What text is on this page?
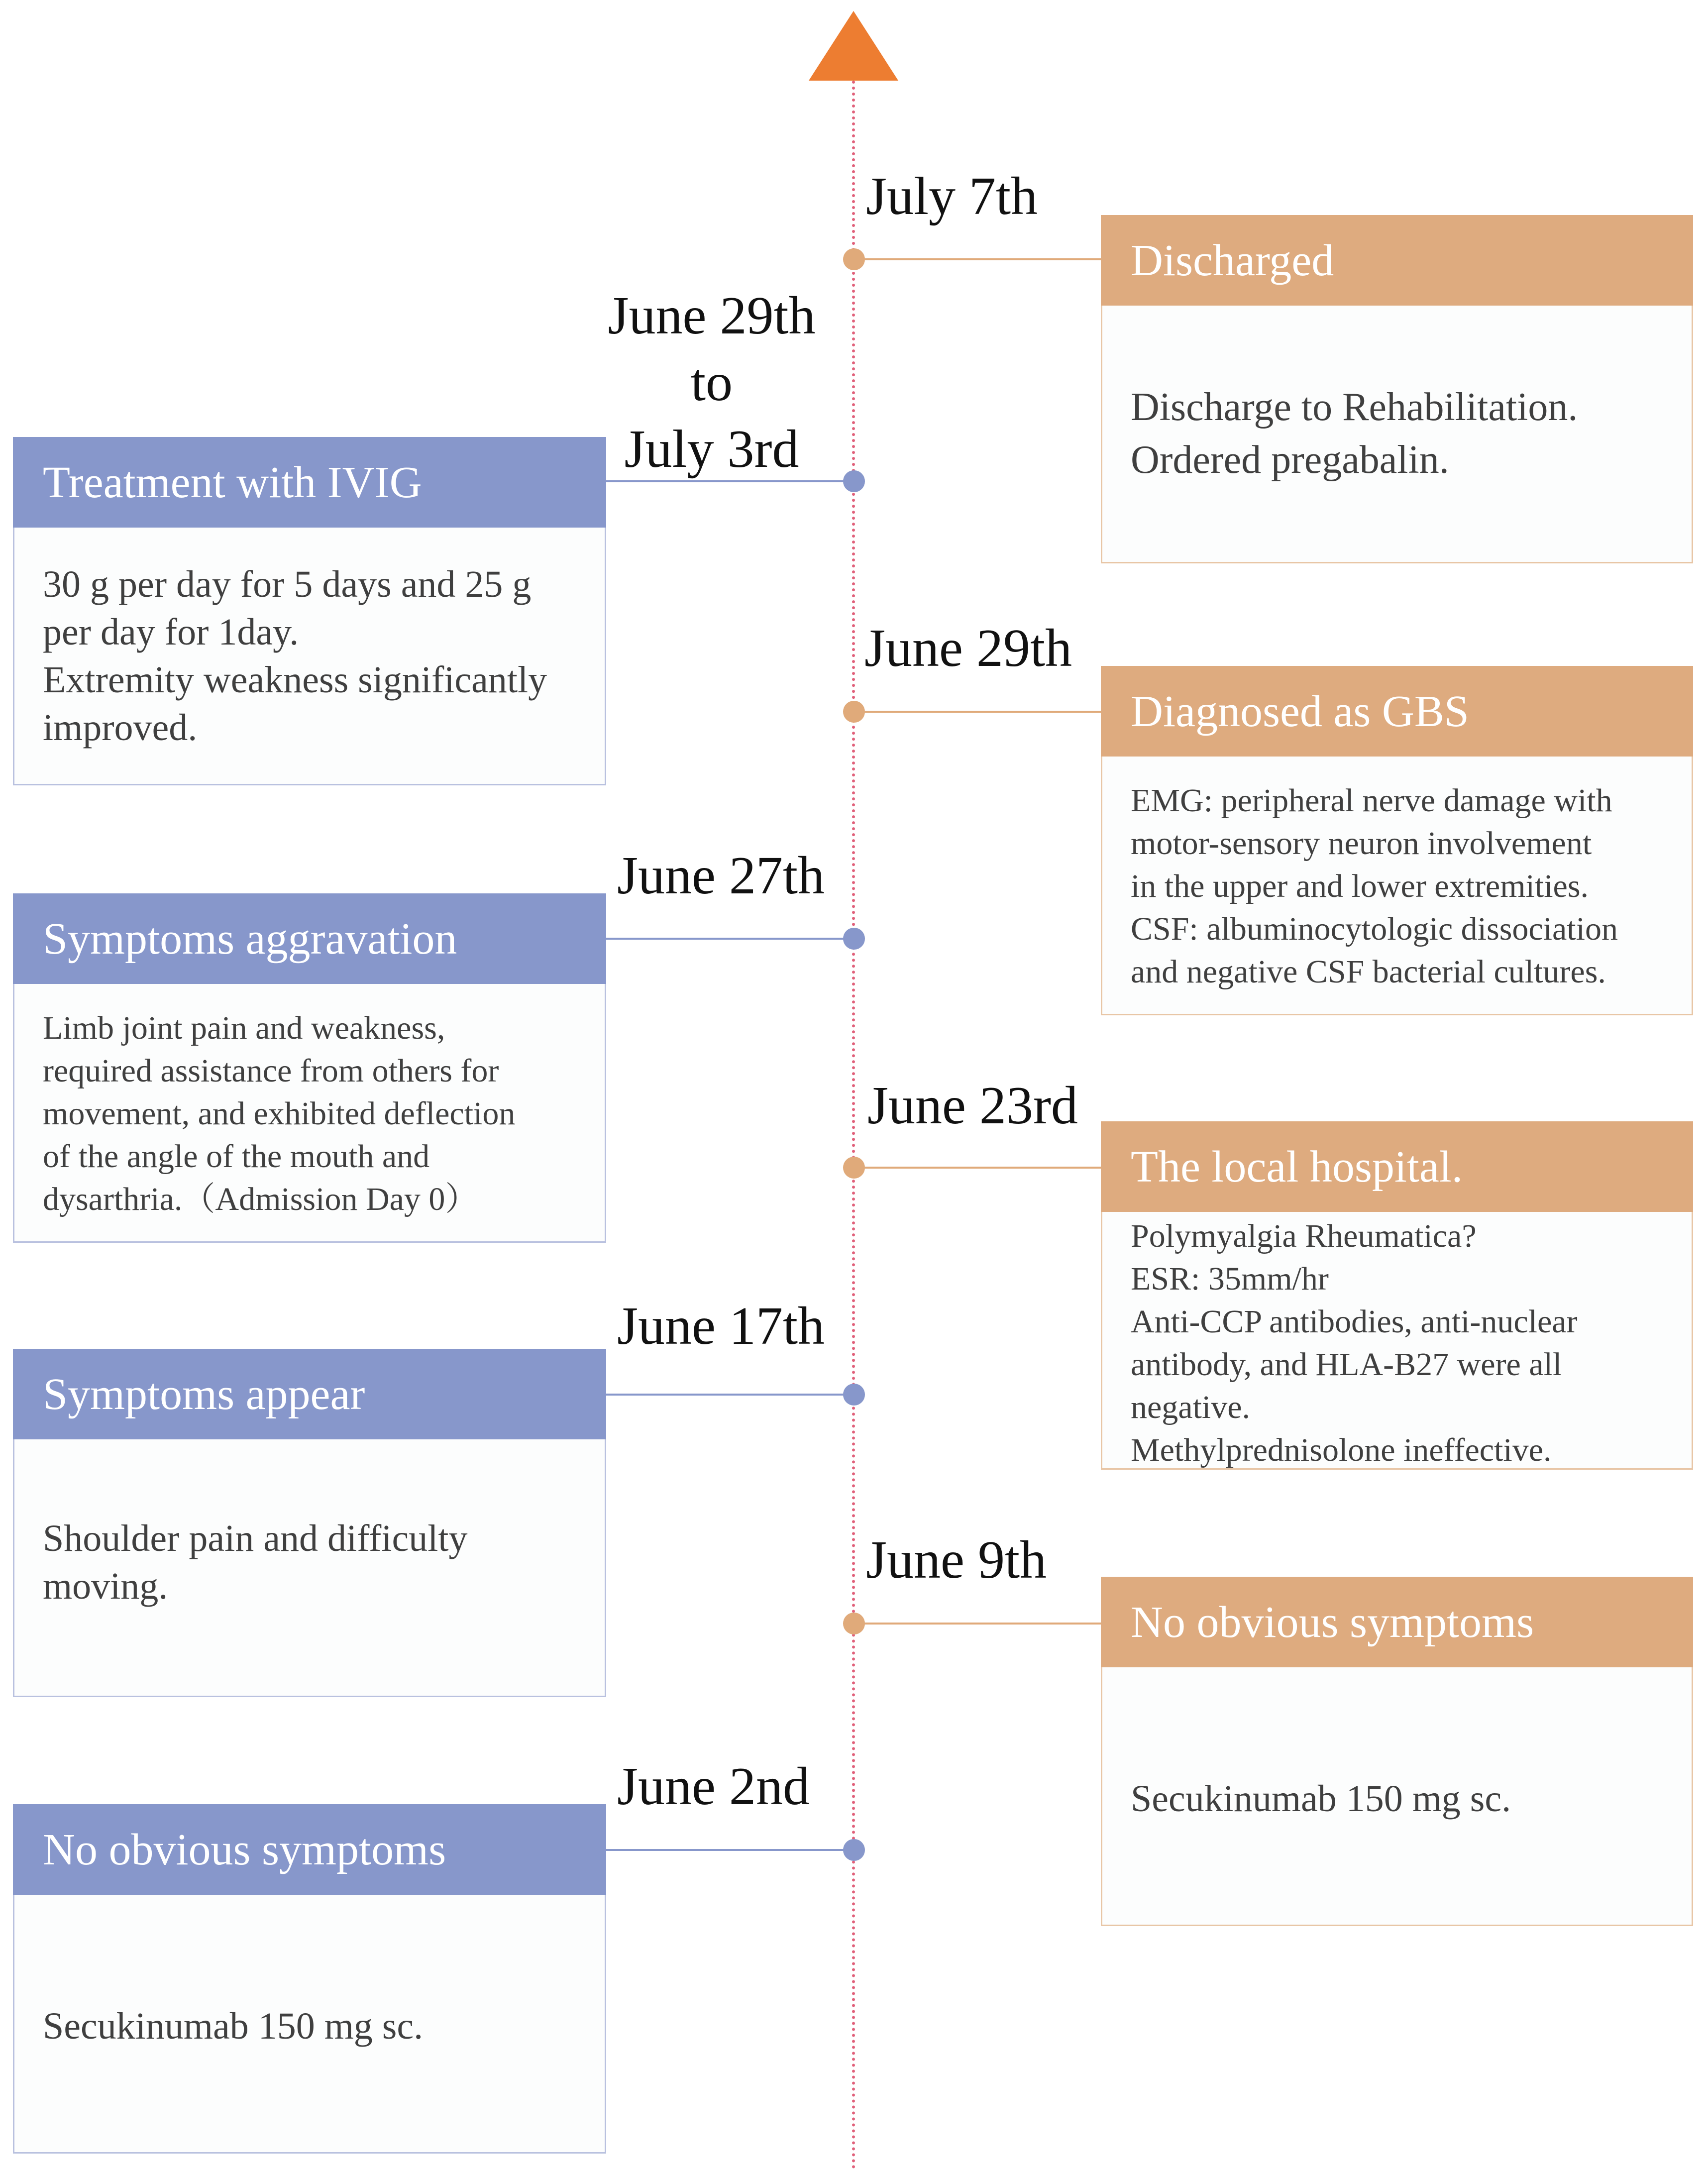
July 7th
Discharged
Discharge to Rehabilitation.
Ordered pregabalin.
June 29th
to
July 3rd
Treatment with IVIG
30 g per day for 5 days and 25 g
per day for 1day.
Extremity weakness significantly
improved.
June 29th
Diagnosed as GBS
EMG: peripheral nerve damage with
motor-sensory neuron involvement
in the upper and lower extremities.
CSF: albuminocytologic dissociation
and negative CSF bacterial cultures.
June 27th
Symptoms aggravation
Limb joint pain and weakness,
required assistance from others for
movement, and exhibited deflection
of the angle of the mouth and
dysarthria.（Admission Day 0）
June 23rd
The local hospital.
Polymyalgia Rheumatica?
ESR: 35mm/hr
Anti-CCP antibodies, anti-nuclear
antibody, and HLA-B27 were all
negative.
Methylprednisolone ineffective.
June 17th
Symptoms appear
Shoulder pain and difficulty
moving.	June 9th
No obvious symptoms
Secukinumab 150 mg sc.
June 2nd
No obvious symptoms
Secukinumab 150 mg sc.
